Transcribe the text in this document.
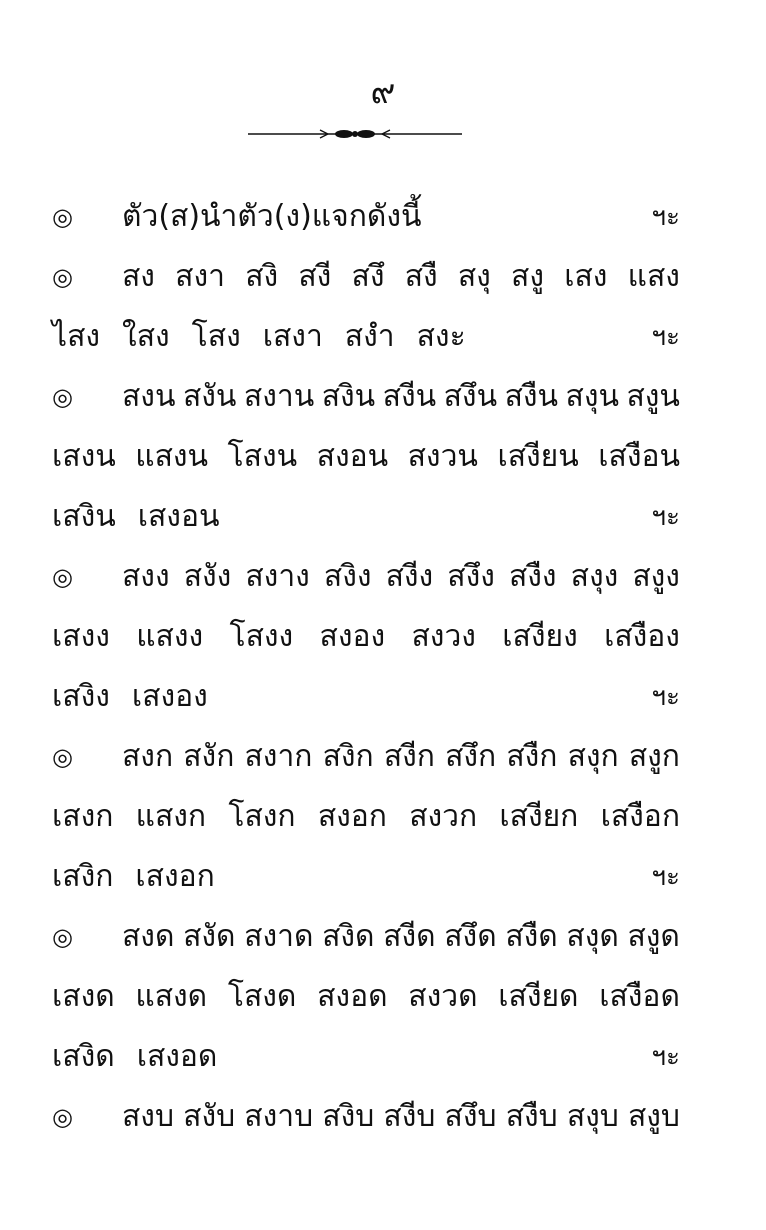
๙
◎	ตัว(ส)นำตัว(ง)แจกดังนี้	ฯะ
◎	สง สงา สงิ สงี สงึ สงื สงุ สงู เสง แสง
ไสง ใสง โสง เสงา สงำ สงะ	ฯะ
◎	สงน สงัน สงาน สงิน สงีน สงึน สงืน สงุน สงูน
เสงน แสงน โสงน สงอน สงวน เสงียน เสงือน
เสงิน เสงอน	ฯะ
◎	สงง สงัง สงาง สงิง สงีง สงึง สงืง สงุง สงูง
เสงง แสงง โสงง สงอง สงวง เสงียง เสงือง
เสงิง เสงอง	ฯะ
◎	สงก สงัก สงาก สงิก สงีก สงึก สงืก สงุก สงูก
เสงก แสงก โสงก สงอก สงวก เสงียก เสงือก
เสงิก เสงอก	ฯะ
◎	สงด สงัด สงาด สงิด สงีด สงึด สงืด สงุด สงูด
เสงด แสงด โสงด สงอด สงวด เสงียด เสงือด
เสงิด เสงอด	ฯะ
◎	สงบ สงับ สงาบ สงิบ สงีบ สงึบ สงืบ สงุบ สงูบ
